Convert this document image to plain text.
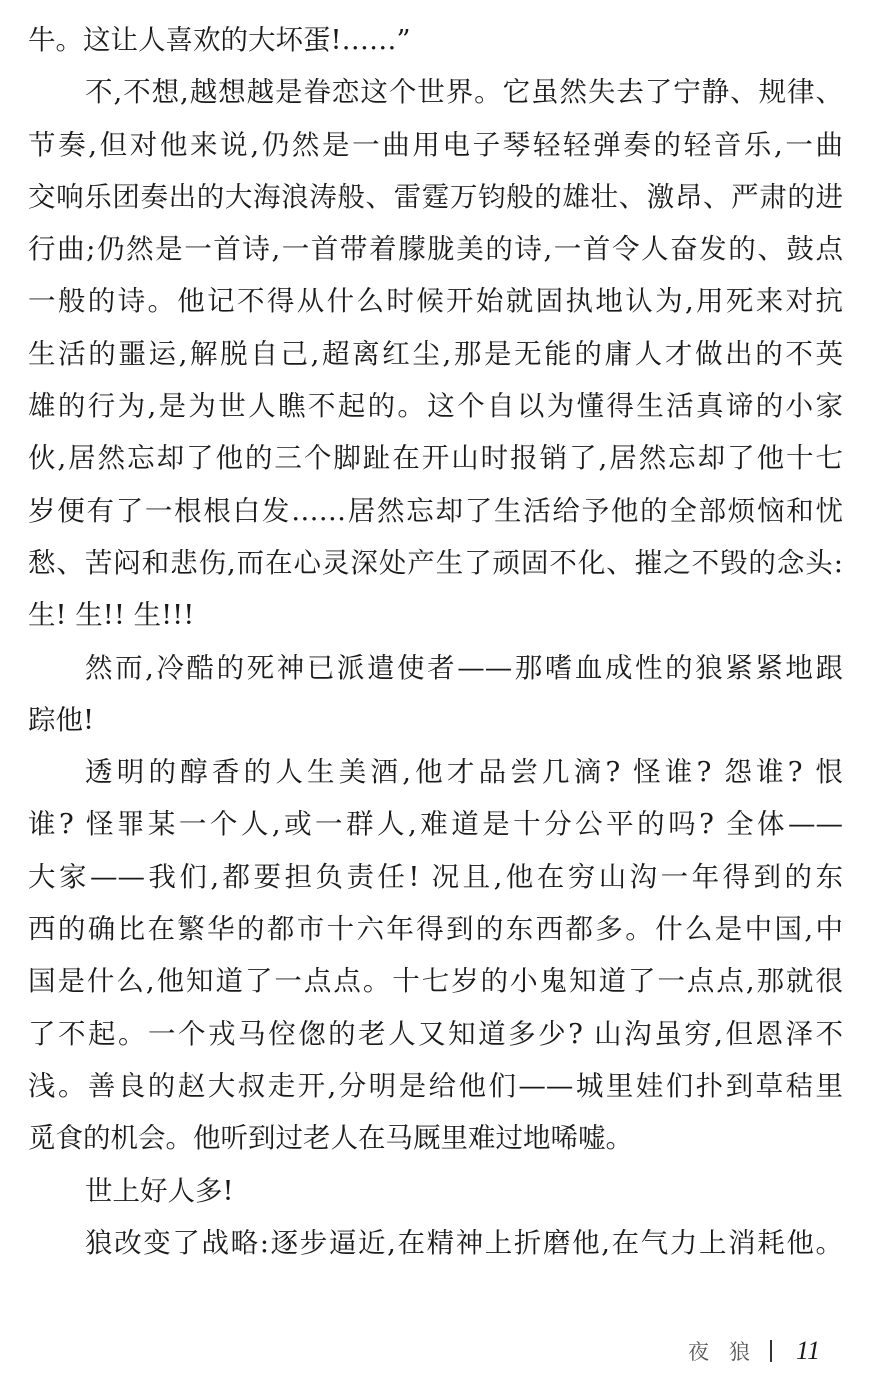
牛。这让人喜欢的大坏蛋!……”
不,不想,越想越是眷恋这个世界。它虽然失去了宁静、规律、
节奏,但对他来说,仍然是一曲用电子琴轻轻弹奏的轻音乐,一曲
交响乐团奏出的大海浪涛般、雷霆万钧般的雄壮、激昂、严肃的进
行曲;仍然是一首诗,一首带着朦胧美的诗,一首令人奋发的、鼓点
一般的诗。他记不得从什么时候开始就固执地认为,用死来对抗
生活的噩运,解脱自己,超离红尘,那是无能的庸人才做出的不英
雄的行为,是为世人瞧不起的。这个自以为懂得生活真谛的小家
伙,居然忘却了他的三个脚趾在开山时报销了,居然忘却了他十七
岁便有了一根根白发……居然忘却了生活给予他的全部烦恼和忧
愁、苦闷和悲伤,而在心灵深处产生了顽固不化、摧之不毁的念头:
生! 生!! 生!!!
然而,冷酷的死神已派遣使者——那嗜血成性的狼紧紧地跟
踪他!
透明的醇香的人生美酒,他才品尝几滴? 怪谁? 怨谁? 恨
谁? 怪罪某一个人,或一群人,难道是十分公平的吗? 全体——
大家——我们,都要担负责任! 况且,他在穷山沟一年得到的东
西的确比在繁华的都市十六年得到的东西都多。什么是中国,中
国是什么,他知道了一点点。十七岁的小鬼知道了一点点,那就很
了不起。一个戎马倥偬的老人又知道多少? 山沟虽穷,但恩泽不
浅。善良的赵大叔走开,分明是给他们——城里娃们扑到草秸里
觅食的机会。他听到过老人在马厩里难过地唏嘘。
世上好人多!
狼改变了战略:逐步逼近,在精神上折磨他,在气力上消耗他。
夜狼 11
